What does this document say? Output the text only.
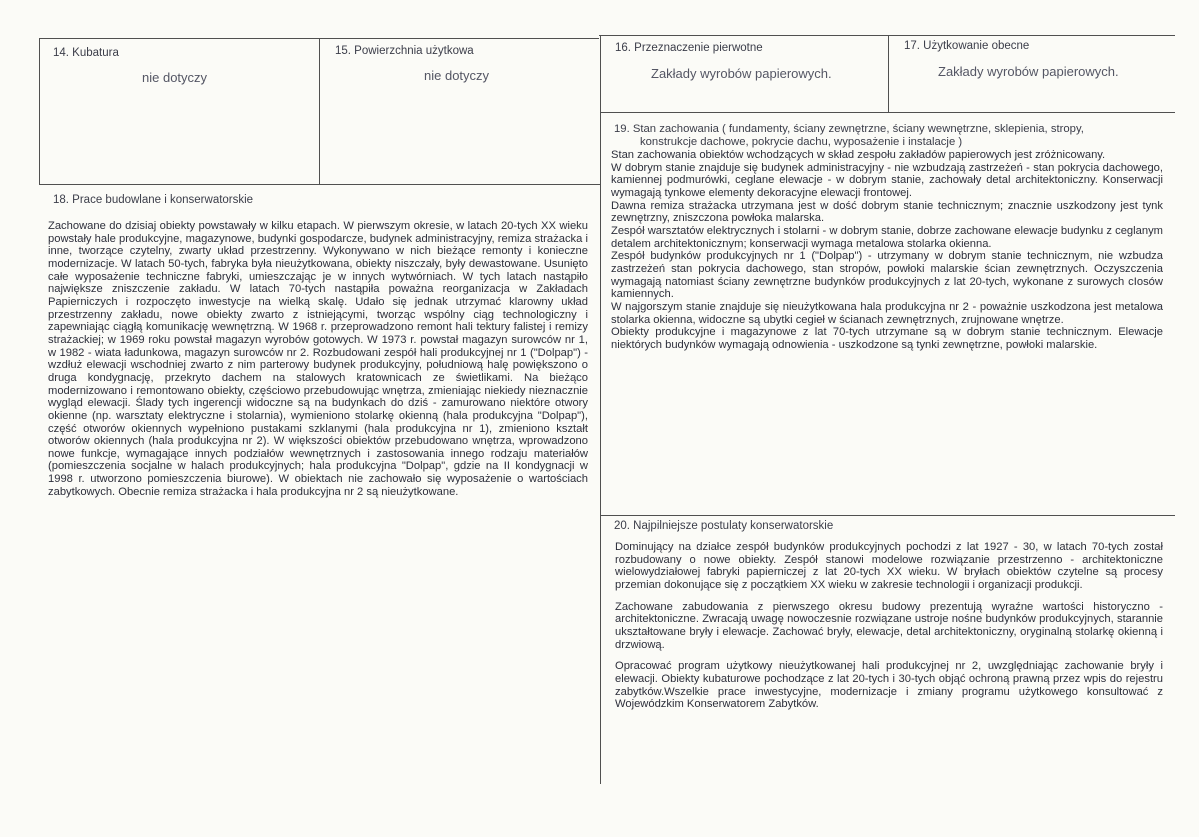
14. Kubatura
nie dotyczy
15. Powierzchnia użytkowa
nie dotyczy
16. Przeznaczenie pierwotne
Zakłady wyrobów papierowych.
17. Użytkowanie obecne
Zakłady wyrobów papierowych.
18. Prace budowlane i konserwatorskie
Zachowane do dzisiaj obiekty powstawały w kilku etapach. W pierwszym okresie, w latach 20-tych XX wieku powstały hale produkcyjne, magazynowe, budynki gospodarcze, budynek administracyjny, remiza strażacka i inne, tworzące czytelny, zwarty układ przestrzenny. Wykonywano w nich bieżące remonty i konieczne modernizacje. W latach 50-tych, fabryka była nieużytkowana, obiekty niszczały, były dewastowane. Usunięto całe wyposażenie techniczne fabryki, umieszczając je w innych wytwórniach. W tych latach nastąpiło największe zniszczenie zakładu. W latach 70-tych nastąpiła poważna reorganizacja w Zakładach Papierniczych i rozpoczęto inwestycje na wielką skalę. Udało się jednak utrzymać klarowny układ przestrzenny zakładu, nowe obiekty zwarto z istniejącymi, tworząc wspólny ciąg technologiczny i zapewniając ciągłą komunikację wewnętrzną. W 1968 r. przeprowadzono remont hali tektury falistej i remizy strażackiej; w 1969 roku powstał magazyn wyrobów gotowych. W 1973 r. powstał magazyn surowców nr 1, w 1982 - wiata ładunkowa, magazyn surowców nr 2. Rozbudowani zespół hali produkcyjnej nr 1 ("Dolpap") - wzdłuż elewacji wschodniej zwarto z nim parterowy budynek produkcyjny, południową halę powiększono o druga kondygnację, przekryto dachem na stalowych kratownicach ze świetlikami. Na bieżąco modernizowano i remontowano obiekty, częściowo przebudowując wnętrza, zmieniając niekiedy nieznacznie wygląd elewacji. Ślady tych ingerencji widoczne są na budynkach do dziś - zamurowano niektóre otwory okienne (np. warsztaty elektryczne i stolarnia), wymieniono stolarkę okienną (hala produkcyjna "Dolpap"), część otworów okiennych wypełniono pustakami szklanymi (hala produkcyjna nr 1), zmieniono kształt otworów okiennych (hala produkcyjna nr 2). W większości obiektów przebudowano wnętrza, wprowadzono nowe funkcje, wymagające innych podziałów wewnętrznych i zastosowania innego rodzaju materiałów (pomieszczenia socjalne w halach produkcyjnych; hala produkcyjna "Dolpap", gdzie na II kondygnacji w 1998 r. utworzono pomieszczenia biurowe). W obiektach nie zachowało się wyposażenie o wartościach zabytkowych. Obecnie remiza strażacka i hala produkcyjna nr 2 są nieużytkowane.
19. Stan zachowania ( fundamenty, ściany zewnętrzne, ściany wewnętrzne, sklepienia, stropy,
konstrukcje dachowe, pokrycie dachu, wyposażenie i instalacje )

Stan zachowania obiektów wchodzących w skład zespołu zakładów papierowych jest zróżnicowany.

W dobrym stanie znajduje się budynek administracyjny - nie wzbudzają zastrzeżeń - stan pokrycia dachowego, kamiennej podmurówki, ceglane elewacje - w dobrym stanie, zachowały detal architektoniczny. Konserwacji wymagają tynkowe elementy dekoracyjne elewacji frontowej.

Dawna remiza strażacka utrzymana jest w dość dobrym stanie technicznym; znacznie uszkodzony jest tynk zewnętrzny, zniszczona powłoka malarska.

Zespół warsztatów elektrycznych i stolarni - w dobrym stanie, dobrze zachowane elewacje budynku z ceglanym detalem architektonicznym; konserwacji wymaga metalowa stolarka okienna.

Zespół budynków produkcyjnych nr 1 ("Dolpap") - utrzymany w dobrym stanie technicznym, nie wzbudza zastrzeżeń stan pokrycia dachowego, stan stropów, powłoki malarskie ścian zewnętrznych. Oczyszczenia wymagają natomiast ściany zewnętrzne budynków produkcyjnych z lat 20-tych, wykonane z surowych cIosów kamiennych.

W najgorszym stanie znajduje się nieużytkowana hala produkcyjna nr 2 - poważnie uszkodzona jest metalowa stolarka okienna, widoczne są ubytki cegieł w ścianach zewnętrznych, zrujnowane wnętrze.

Obiekty produkcyjne i magazynowe z lat 70-tych utrzymane są w dobrym stanie technicznym. Elewacje niektórych budynków wymagają odnowienia - uszkodzone są tynki zewnętrzne, powłoki malarskie.

20. Najpilniejsze postulaty konserwatorskie

Dominujący na działce zespół budynków produkcyjnych pochodzi z lat 1927 - 30, w latach 70-tych został rozbudowany o nowe obiekty. Zespół stanowi modelowe rozwiązanie przestrzenno - architektoniczne wielowydziałowej fabryki papierniczej z lat 20-tych XX wieku. W bryłach obiektów czytelne są procesy przemian dokonujące się z początkiem XX wieku w zakresie technologii i organizacji produkcji.

Zachowane zabudowania z pierwszego okresu budowy prezentują wyraźne wartości historyczno - architektoniczne. Zwracają uwagę nowoczesnie rozwiązane ustroje nośne budynków produkcyjnych, starannie ukształtowane bryły i elewacje. Zachować bryły, elewacje, detal architektoniczny, oryginalną stolarkę okienną i drzwiową.

Opracować program użytkowy nieużytkowanej hali produkcyjnej nr 2, uwzględniając zachowanie bryły i elewacji. Obiekty kubaturowe pochodzące z lat 20-tych i 30-tych objąć ochroną prawną przez wpis do rejestru zabytków.Wszelkie prace inwestycyjne, modernizacje i zmiany programu użytkowego konsultować z Wojewódzkim Konserwatorem Zabytków.
